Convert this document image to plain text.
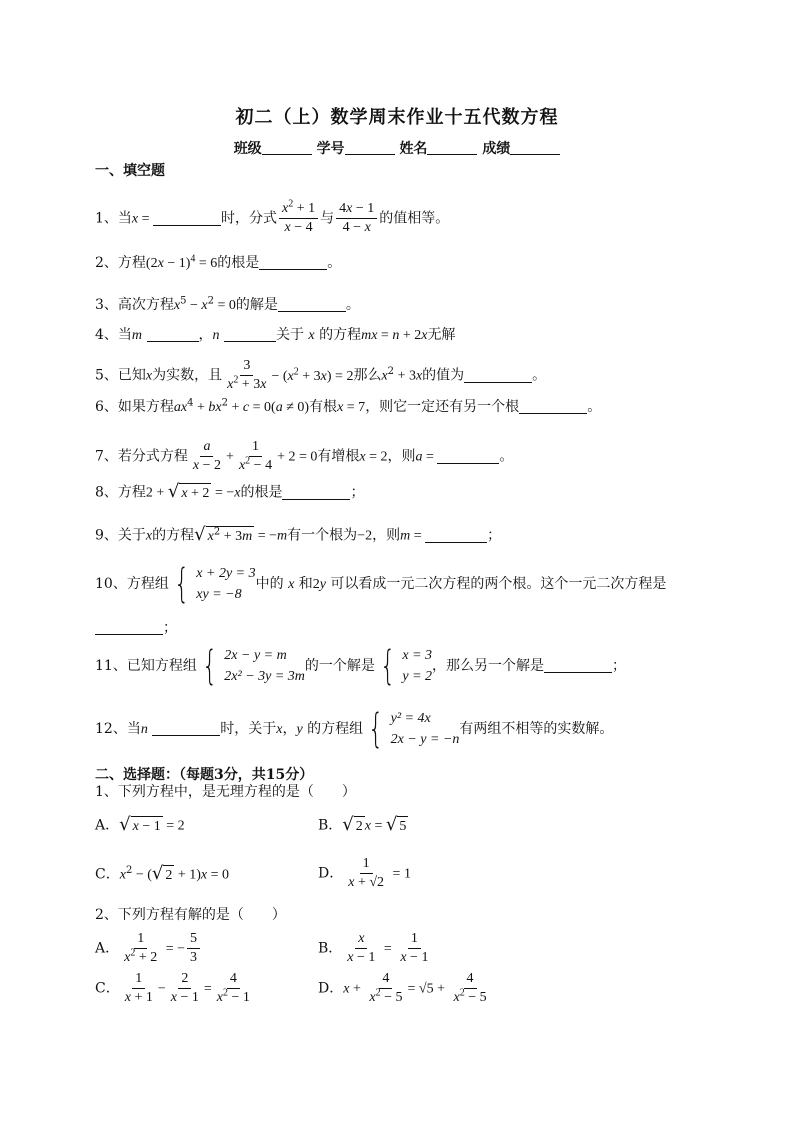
初二（上）数学周末作业十五代数方程
班级	学号	姓名	成绩
一、填空题
1、当x =	时，分式 $\frac{x^2 + 1}{x - 4}$ 与 $\frac{4x - 1}{4 - x}$ 的值相等。
2、方程$(2x - 1)^4 = 6$的根是	。
3、高次方程$x^5 - x^2 = 0$的解是	。
4、当m	，n	关于 x 的方程mx = n + 2x无解
5、已知x为实数，且 $\frac{3}{x^2 + 3x} - (x^2 + 3x) = 2$那么$x^2 + 3x$的值为	。
6、如果方程$ax^4 + bx^2 + c = 0(a \ne 0)$有根x = 7，则它一定还有另一个根	。
7、若分式方程 $\frac{a}{x - 2} + \frac{1}{x^2 - 4} + 2 = 0$有增根x = 2，则a =	。
8、方程2 + √ x + 2 = −x的根是	；
9、关于x的方程 √ $x^2 + 3m = -m$有一个根为−2，则m =	；
10、方程组 { x + 2y = 3
xy = −8
中的 x 和2y 可以看成一元二次方程的两个根。这个一元二次方程是
；
11、已知方程组 { 2x − y = m
2x² − 3y = 3m
的一个解是 { x = 3
y = 2
，那么另一个解是	；
12、当n	时，关于x，y 的方程组 { y² = 4x
2x − y = −n
有两组不相等的实数解。
二、选择题：（每题3分，共15分）
1、下列方程中，是无理方程的是（　　）
A． √ x − 1 = 2	B． √ 2 x = √ 5
C．$x^2$ − ( √ 2 + 1)x = 0	D． $\frac{1}{x + √2} = 1$
2、下列方程有解的是（　　）
A． $\frac{1}{x^2 + 2}$ = − $\frac{5}{3}$	B． $\frac{x}{x - 1} = \frac{1}{x - 1}$
C． $\frac{1}{x + 1} - \frac{2}{x - 1} = \frac{4}{x^2 - 1}$	D．$x + \frac{4}{x^2 - 5} = √5 + \frac{4}{x^2 - 5}$
